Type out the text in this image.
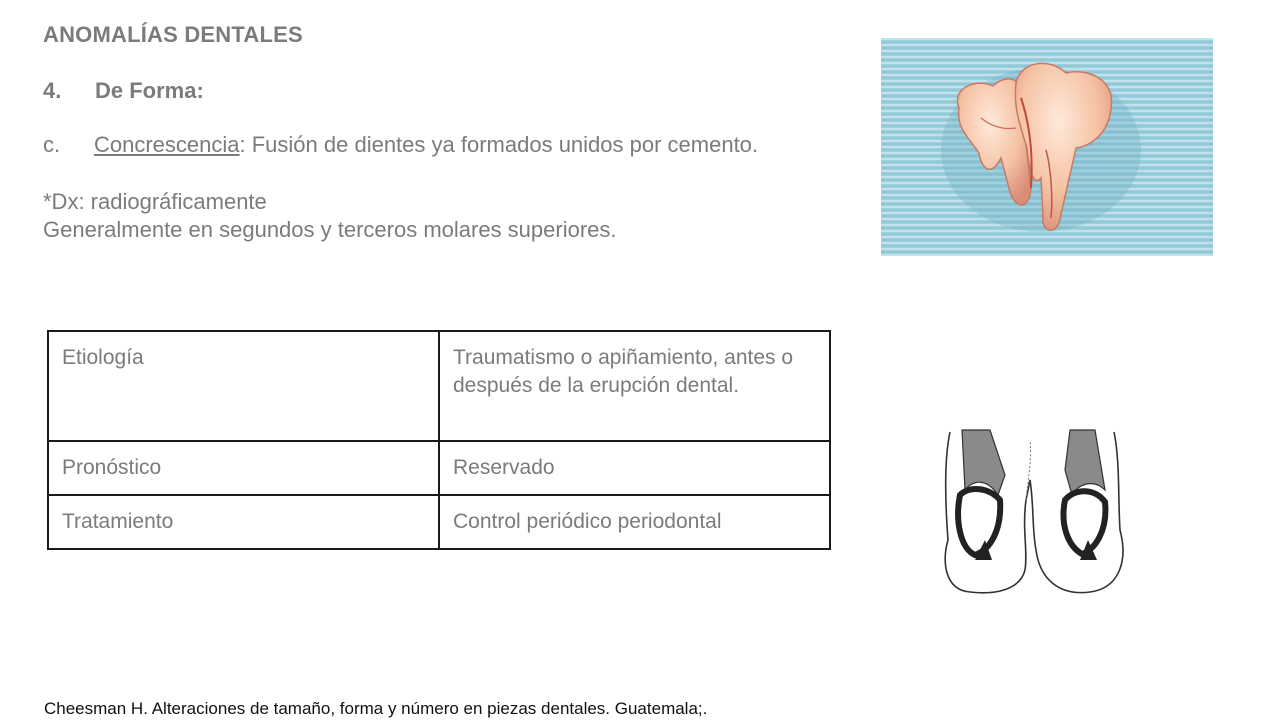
ANOMALÍAS DENTALES
4. De Forma:
c. Concrescencia: Fusión de dientes ya formados unidos por cemento.
*Dx: radiográficamente
Generalmente en segundos y terceros molares superiores.
Etiología	Traumatismo o apiñamiento, antes o después de la erupción dental.
Pronóstico	Reservado
Tratamiento	Control periódico periodontal
Cheesman H. Alteraciones de tamaño, forma y número en piezas dentales. Guatemala;.
